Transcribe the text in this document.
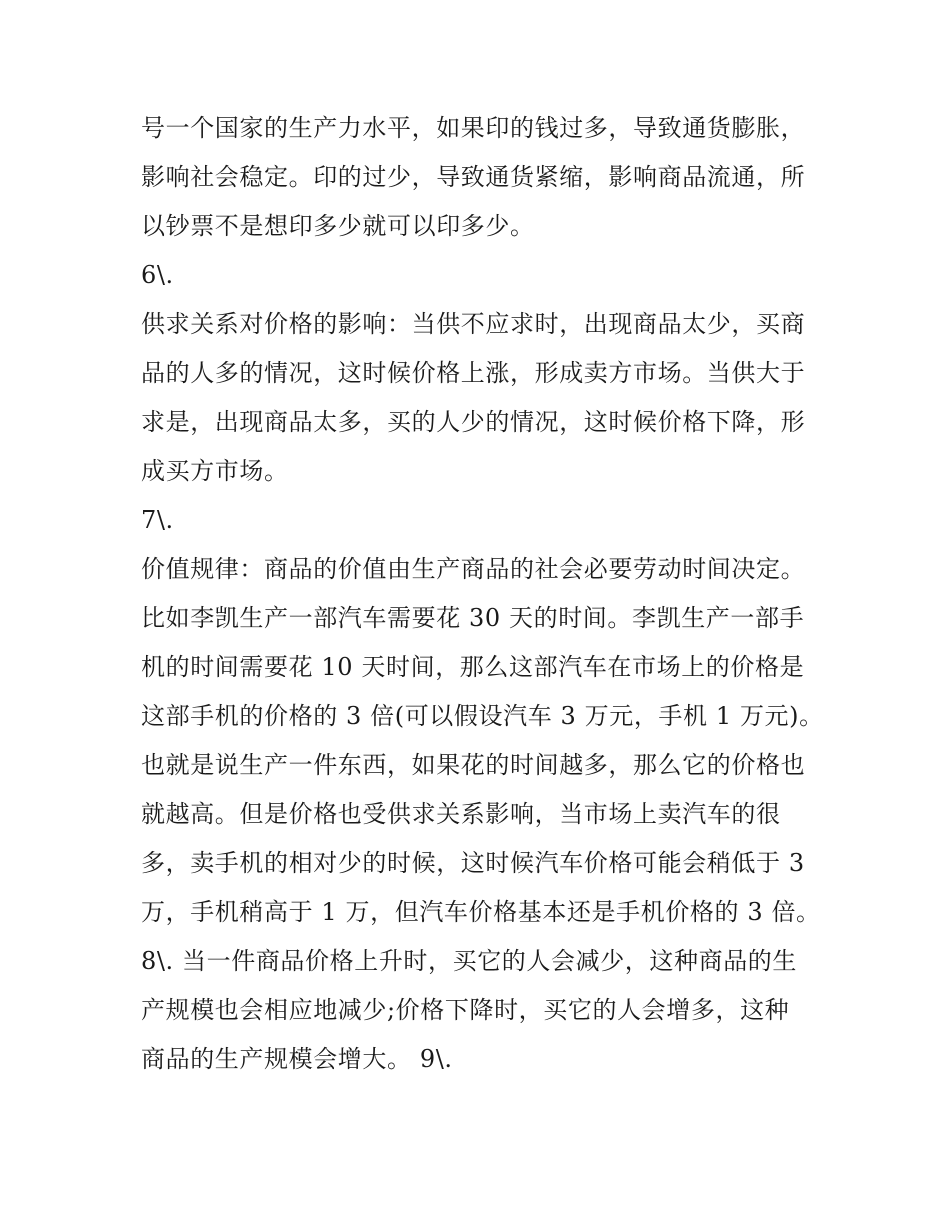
号一个国家的生产力水平，如果印的钱过多，导致通货膨胀，
影响社会稳定。印的过少，导致通货紧缩，影响商品流通，所
以钞票不是想印多少就可以印多少。
6\.
供求关系对价格的影响：当供不应求时，出现商品太少，买商
品的人多的情况，这时候价格上涨，形成卖方市场。当供大于
求是，出现商品太多，买的人少的情况，这时候价格下降，形
成买方市场。
7\.
价值规律：商品的价值由生产商品的社会必要劳动时间决定。
比如李凯生产一部汽车需要花 30 天的时间。李凯生产一部手
机的时间需要花 10 天时间，那么这部汽车在市场上的价格是
这部手机的价格的 3 倍(可以假设汽车 3 万元，手机 1 万元)。
也就是说生产一件东西，如果花的时间越多，那么它的价格也
就越高。但是价格也受供求关系影响，当市场上卖汽车的很
多，卖手机的相对少的时候，这时候汽车价格可能会稍低于 3
万，手机稍高于 1 万，但汽车价格基本还是手机价格的 3 倍。
8\. 当一件商品价格上升时，买它的人会减少，这种商品的生
产规模也会相应地减少;价格下降时，买它的人会增多，这种
商品的生产规模会增大。 9\.
